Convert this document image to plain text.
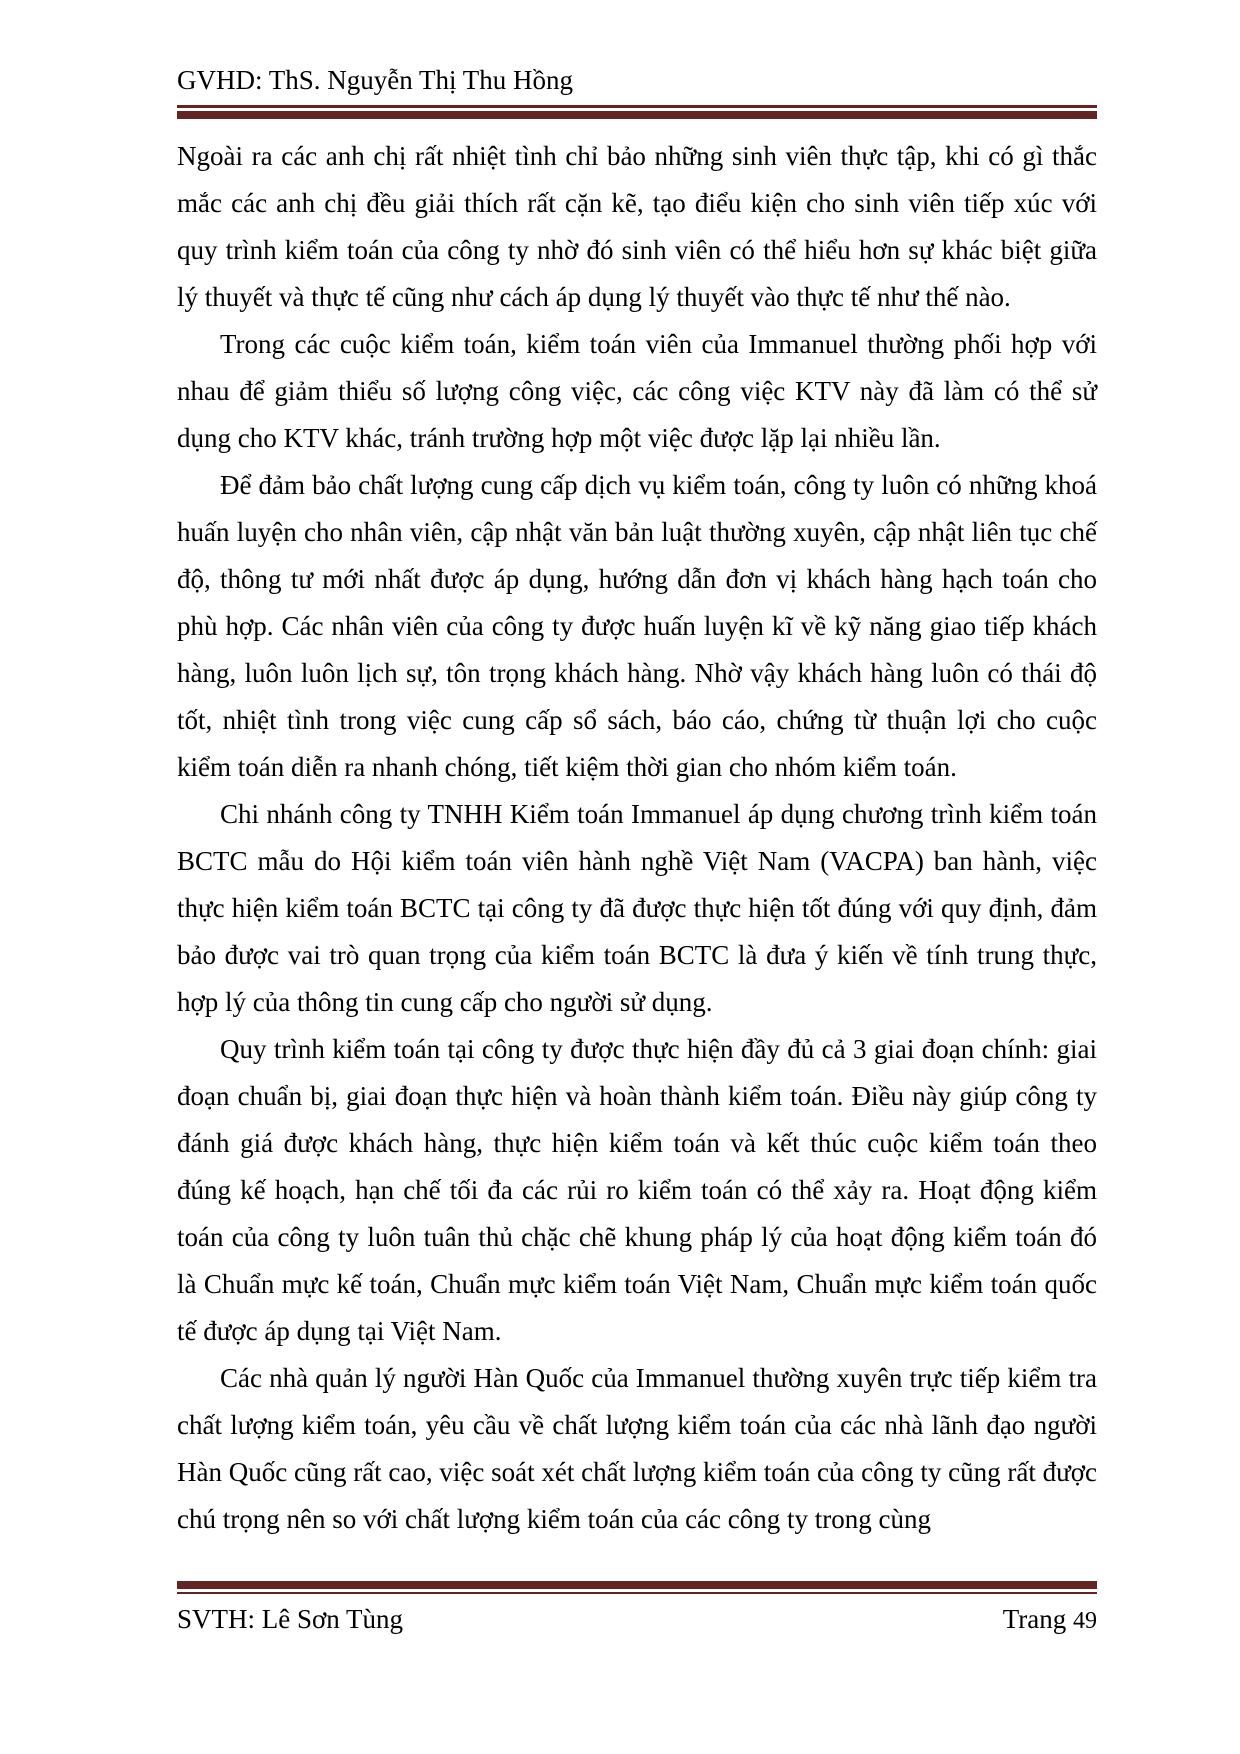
GVHD: ThS. Nguyễn Thị Thu Hồng

Ngoài ra các anh chị rất nhiệt tình chỉ bảo những sinh viên thực tập, khi có gì thắc mắc các anh chị đều giải thích rất cặn kẽ, tạo điểu kiện cho sinh viên tiếp xúc với quy trình kiểm toán của công ty nhờ đó sinh viên có thể hiểu hơn sự khác biệt giữa lý thuyết và thực tế cũng như cách áp dụng lý thuyết vào thực tế như thế nào.

Trong các cuộc kiểm toán, kiểm toán viên của Immanuel thường phối hợp với nhau để giảm thiểu số lượng công việc, các công việc KTV này đã làm có thể sử dụng cho KTV khác, tránh trường hợp một việc được lặp lại nhiều lần.

Để đảm bảo chất lượng cung cấp dịch vụ kiểm toán, công ty luôn có những khoá huấn luyện cho nhân viên, cập nhật văn bản luật thường xuyên, cập nhật liên tục chế độ, thông tư mới nhất được áp dụng, hướng dẫn đơn vị khách hàng hạch toán cho phù hợp. Các nhân viên của công ty được huấn luyện kĩ về kỹ năng giao tiếp khách hàng, luôn luôn lịch sự, tôn trọng khách hàng. Nhờ vậy khách hàng luôn có thái độ tốt, nhiệt tình trong việc cung cấp sổ sách, báo cáo, chứng từ thuận lợi cho cuộc kiểm toán diễn ra nhanh chóng, tiết kiệm thời gian cho nhóm kiểm toán.

Chi nhánh công ty TNHH Kiểm toán Immanuel áp dụng chương trình kiểm toán BCTC mẫu do Hội kiểm toán viên hành nghề Việt Nam (VACPA) ban hành, việc thực hiện kiểm toán BCTC tại công ty đã được thực hiện tốt đúng với quy định, đảm bảo được vai trò quan trọng của kiểm toán BCTC là đưa ý kiến về tính trung thực, hợp lý của thông tin cung cấp cho người sử dụng.

Quy trình kiểm toán tại công ty được thực hiện đầy đủ cả 3 giai đoạn chính: giai đoạn chuẩn bị, giai đoạn thực hiện và hoàn thành kiểm toán. Điều này giúp công ty đánh giá được khách hàng, thực hiện kiểm toán và kết thúc cuộc kiểm toán theo đúng kế hoạch, hạn chế tối đa các rủi ro kiểm toán có thể xảy ra. Hoạt động kiểm toán của công ty luôn tuân thủ chặc chẽ khung pháp lý của hoạt động kiểm toán đó là Chuẩn mực kế toán, Chuẩn mực kiểm toán Việt Nam, Chuẩn mực kiểm toán quốc tế được áp dụng tại Việt Nam.

Các nhà quản lý người Hàn Quốc của Immanuel thường xuyên trực tiếp kiểm tra chất lượng kiểm toán, yêu cầu về chất lượng kiểm toán của các nhà lãnh đạo người Hàn Quốc cũng rất cao, việc soát xét chất lượng kiểm toán của công ty cũng rất được chú trọng nên so với chất lượng kiểm toán của các công ty trong cùng

SVTH: Lê Sơn Tùng	Trang 49
